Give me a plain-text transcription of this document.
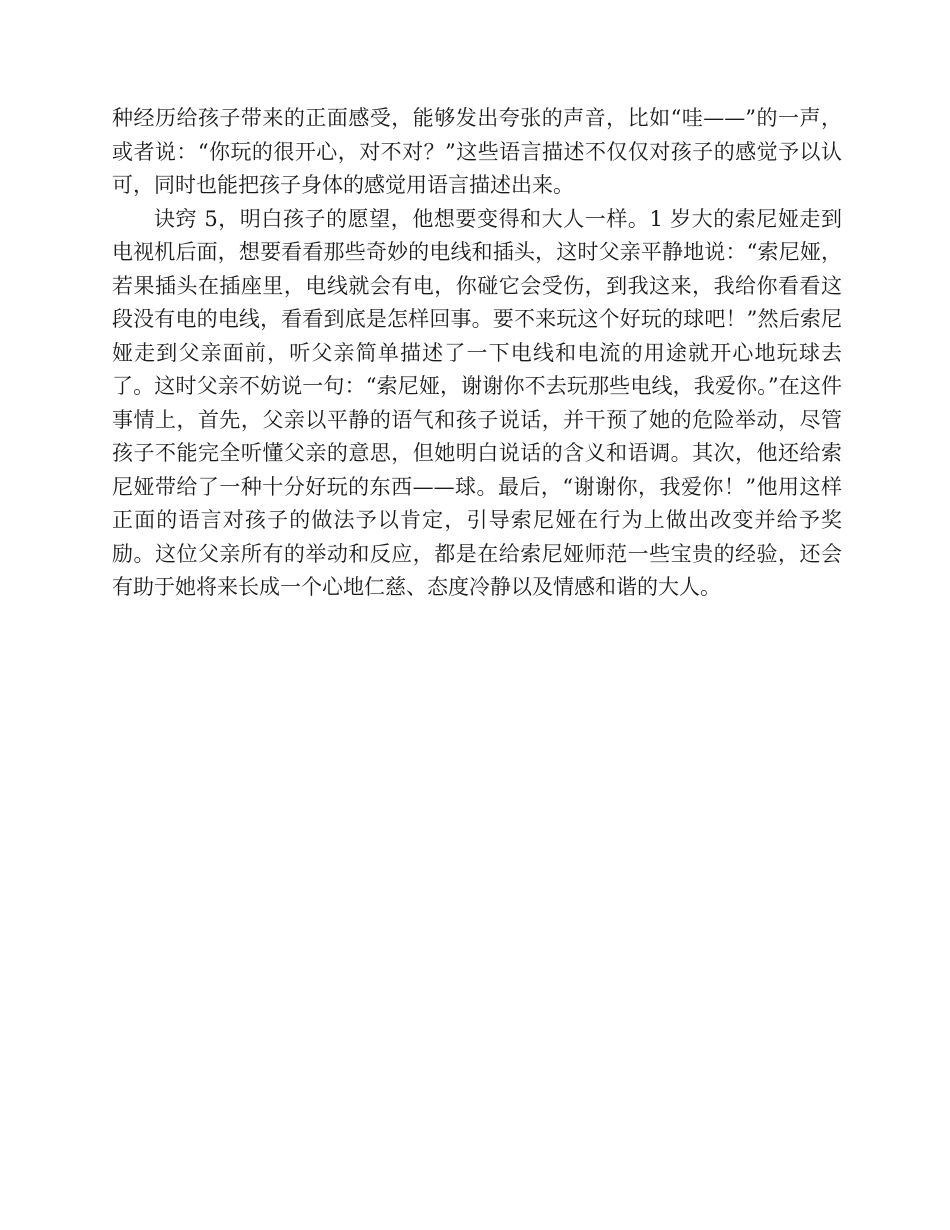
种经历给孩子带来的正面感受，能够发出夸张的声音，比如“哇——”的一声，或者说：“你玩的很开心，对不对？”这些语言描述不仅仅对孩子的感觉予以认可，同时也能把孩子身体的感觉用语言描述出来。

诀窍 5，明白孩子的愿望，他想要变得和大人一样。1 岁大的索尼娅走到电视机后面，想要看看那些奇妙的电线和插头，这时父亲平静地说：“索尼娅，若果插头在插座里，电线就会有电，你碰它会受伤，到我这来，我给你看看这段没有电的电线，看看到底是怎样回事。要不来玩这个好玩的球吧！”然后索尼娅走到父亲面前，听父亲简单描述了一下电线和电流的用途就开心地玩球去了。这时父亲不妨说一句：“索尼娅，谢谢你不去玩那些电线，我爱你。”在这件事情上，首先，父亲以平静的语气和孩子说话，并干预了她的危险举动，尽管孩子不能完全听懂父亲的意思，但她明白说话的含义和语调。其次，他还给索尼娅带给了一种十分好玩的东西——球。最后，“谢谢你，我爱你！”他用这样正面的语言对孩子的做法予以肯定，引导索尼娅在行为上做出改变并给予奖励。这位父亲所有的举动和反应，都是在给索尼娅师范一些宝贵的经验，还会有助于她将来长成一个心地仁慈、态度冷静以及情感和谐的大人。
